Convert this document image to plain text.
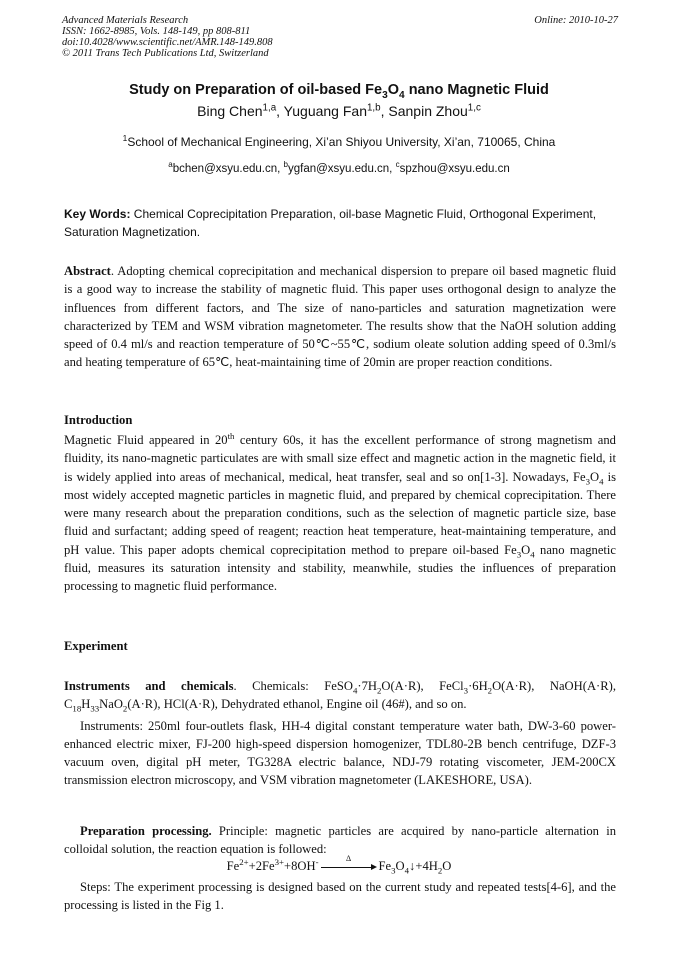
Advanced Materials Research
ISSN: 1662-8985, Vols. 148-149, pp 808-811
doi:10.4028/www.scientific.net/AMR.148-149.808
© 2011 Trans Tech Publications Ltd, Switzerland
Online: 2010-10-27
Study on Preparation of oil-based $Fe_3O_4$ nano Magnetic Fluid
Bing Chen$^{1,a}$, Yuguang Fan$^{1,b}$, Sanpin Zhou$^{1,c}$
$^1$School of Mechanical Engineering, Xi’an Shiyou University, Xi’an, 710065, China
$^a$bchen@xsyu.edu.cn, $^b$ygfan@xsyu.edu.cn, $^c$spzhou@xsyu.edu.cn
Key Words: Chemical Coprecipitation Preparation, oil-base Magnetic Fluid, Orthogonal Experiment, Saturation Magnetization.

Abstract. Adopting chemical coprecipitation and mechanical dispersion to prepare oil based magnetic fluid is a good way to increase the stability of magnetic fluid. This paper uses orthogonal design to analyze the influences from different factors, and The size of nano-particles and saturation magnetization were characterized by TEM and WSM vibration magnetometer. The results show that the NaOH solution adding speed of 0.4 ml/s and reaction temperature of 50℃~55℃, sodium oleate solution adding speed of 0.3ml/s and heating temperature of 65℃, heat-maintaining time of 20min are proper reaction conditions.

Introduction

Magnetic Fluid appeared in 20th century 60s, it has the excellent performance of strong magnetism and fluidity, its nano-magnetic particulates are with small size effect and magnetic action in the magnetic field, it is widely applied into areas of mechanical, medical, heat transfer, seal and so on[1-3]. Nowadays, $Fe_3O_4$ is most widely accepted magnetic particles in magnetic fluid, and prepared by chemical coprecipitation. There were many research about the preparation conditions, such as the selection of magnetic particle size, base fluid and surfactant; adding speed of reagent; reaction heat temperature, heat-maintaining temperature, and pH value. This paper adopts chemical coprecipitation method to prepare oil-based $Fe_3O_4$ nano magnetic fluid, measures its saturation intensity and stability, meanwhile, studies the influences of preparation processing to magnetic fluid performance.

Experiment

Instruments and chemicals. Chemicals: $FeSO_4\cdot 7H_2O(A\cdot R)$, $FeCl_3\cdot 6H_2O(A\cdot R)$, NaOH(A·R), $C_{18}H_{33}NaO_2(A\cdot R)$, HCl(A·R), Dehydrated ethanol, Engine oil (46#), and so on.

Instruments: 250ml four-outlets flask, HH-4 digital constant temperature water bath, DW-3-60 power-enhanced electric mixer, FJ-200 high-speed dispersion homogenizer, TDL80-2B bench centrifuge, DZF-3 vacuum oven, digital pH meter, TG328A electric balance, NDJ-79 rotating viscometer, JEM-200CX transmission electron microscopy, and VSM vibration magnetometer (LAKESHORE, USA).

Preparation processing. Principle: magnetic particles are acquired by nano-particle alternation in colloidal solution, the reaction equation is followed:

$Fe^{2+}+2Fe^{3+}+8OH^-$	Δ
$Fe_3O_4↓+4H_2O$

Steps: The experiment processing is designed based on the current study and repeated tests[4-6], and the processing is listed in the Fig 1.
